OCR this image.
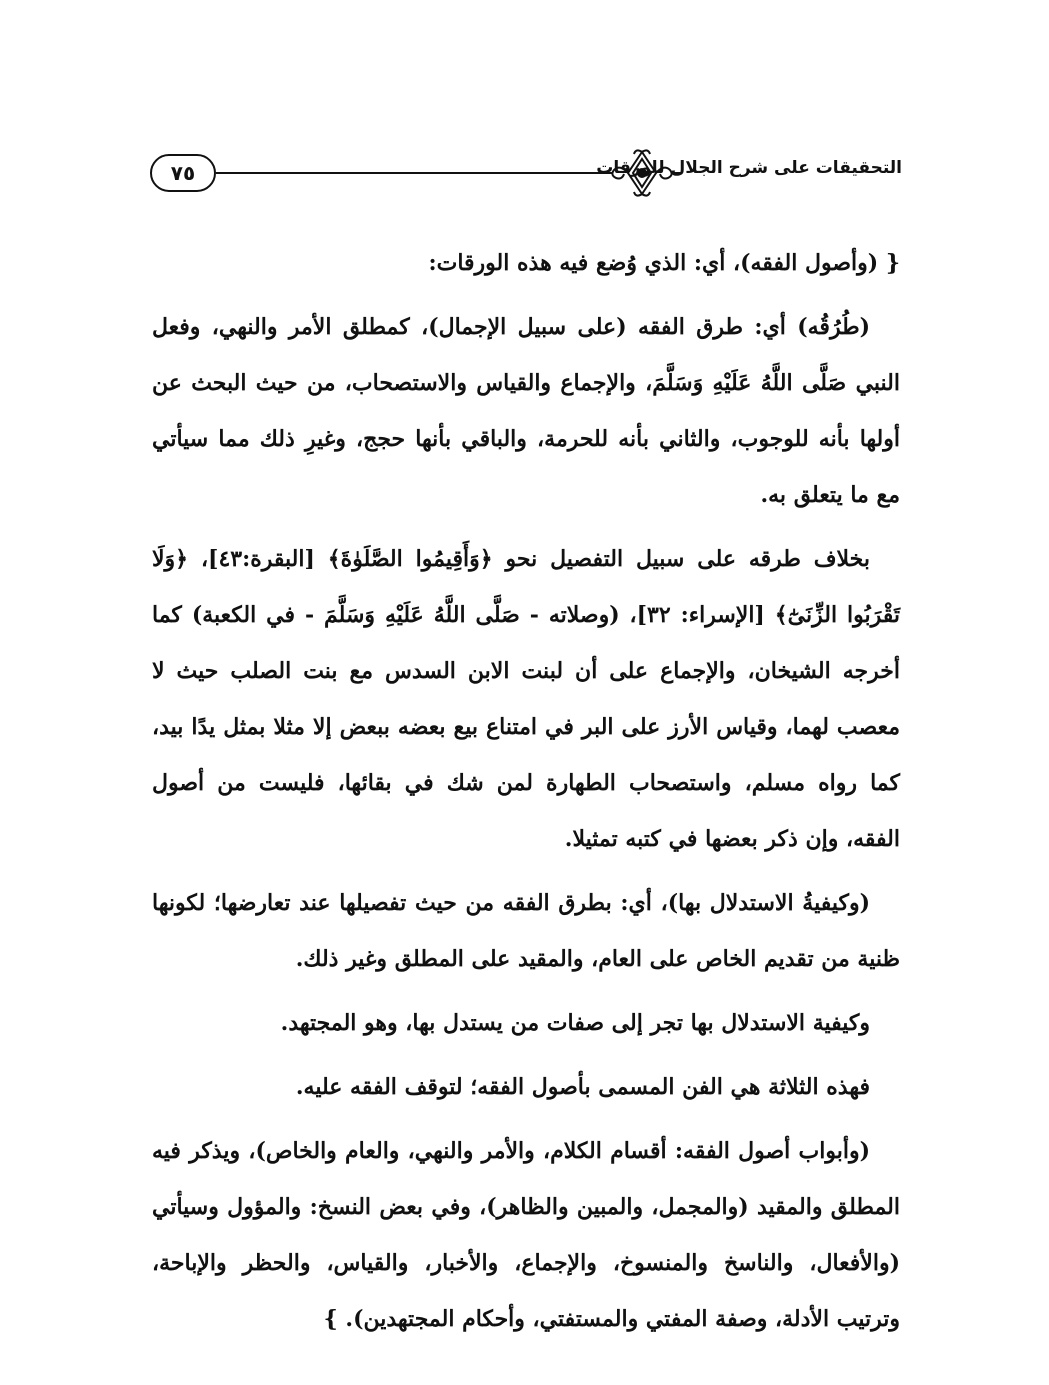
٧٥	التحقيقات على شرح الجلال للورقات

{ (وأصول الفقه)، أي: الذي وُضع فيه هذه الورقات:

(طُرُقُه) أي: طرق الفقه (على سبيل الإجمال)، كمطلق الأمر والنهي، وفعل النبي صَلَّى اللَّهُ عَلَيْهِ وَسَلَّمَ، والإجماع والقياس والاستصحاب، من حيث البحث عن أولها بأنه للوجوب، والثاني بأنه للحرمة، والباقي بأنها حجج، وغيرِ ذلك مما سيأتي مع ما يتعلق به.

بخلاف طرقه على سبيل التفصيل نحو ﴿وَأَقِيمُوا الصَّلَوٰةَ﴾ [البقرة:٤٣]، ﴿وَلَا تَقْرَبُوا الزِّنَىٰٓ﴾ [الإسراء: ٣٢]، (وصلاته - صَلَّى اللَّهُ عَلَيْهِ وَسَلَّمَ - في الكعبة) كما أخرجه الشيخان، والإجماع على أن لبنت الابن السدس مع بنت الصلب حيث لا معصب لهما، وقياس الأرز على البر في امتناع بيع بعضه ببعض إلا مثلا بمثل يدًا بيد، كما رواه مسلم، واستصحاب الطهارة لمن شك في بقائها، فليست من أصول الفقه، وإن ذكر بعضها في كتبه تمثيلا.

(وكيفيةُ الاستدلال بها)، أي: بطرق الفقه من حيث تفصيلها عند تعارضها؛ لكونها ظنية من تقديم الخاص على العام، والمقيد على المطلق وغير ذلك.

وكيفية الاستدلال بها تجر إلى صفات من يستدل بها، وهو المجتهد.

فهذه الثلاثة هي الفن المسمى بأصول الفقه؛ لتوقف الفقه عليه.

(وأبواب أصول الفقه: أقسام الكلام، والأمر والنهي، والعام والخاص)، ويذكر فيه المطلق والمقيد (والمجمل، والمبين والظاهر)، وفي بعض النسخ: والمؤول وسيأتي (والأفعال، والناسخ والمنسوخ، والإجماع، والأخبار، والقياس، والحظر والإباحة، وترتيب الأدلة، وصفة المفتي والمستفتي، وأحكام المجتهدين). }
